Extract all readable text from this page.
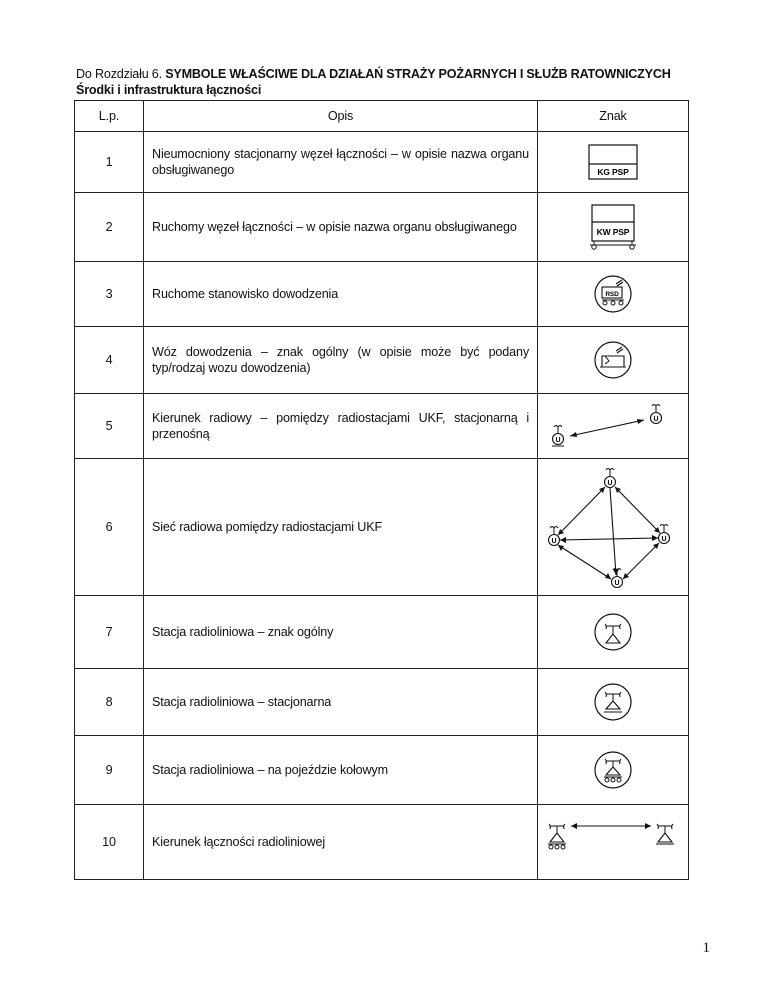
Do Rozdziału 6. SYMBOLE WŁAŚCIWE DLA DZIAŁAŃ STRAŻY POŻARNYCH I SŁUŻB RATOWNICZYCH
Środki i infrastruktura łączności
L.p.	Opis	Znak
1	Nieumocniony stacjonarny węzeł łączności – w opisie nazwa organu obsługiwanego	KG PSP

2	Ruchomy węzeł łączności – w opisie nazwa organu obsługiwanego	KW PSP

3	Ruchome stanowisko dowodzenia	RSD

4	Wóz dowodzenia – znak ogólny (w opisie może być podany typ/rodzaj wozu dowodzenia)	

5	Kierunek radiowy – pomiędzy radiostacjami UKF, stacjonarną i przenośną	U
U

6	Sieć radiowa pomiędzy radiostacjami UKF	U
U U
U

7	Stacja radioliniowa – znak ogólny	

8	Stacja radioliniowa – stacjonarna	

9	Stacja radioliniowa – na pojeździe kołowym	

10	Kierunek łączności radioliniowej	
1
